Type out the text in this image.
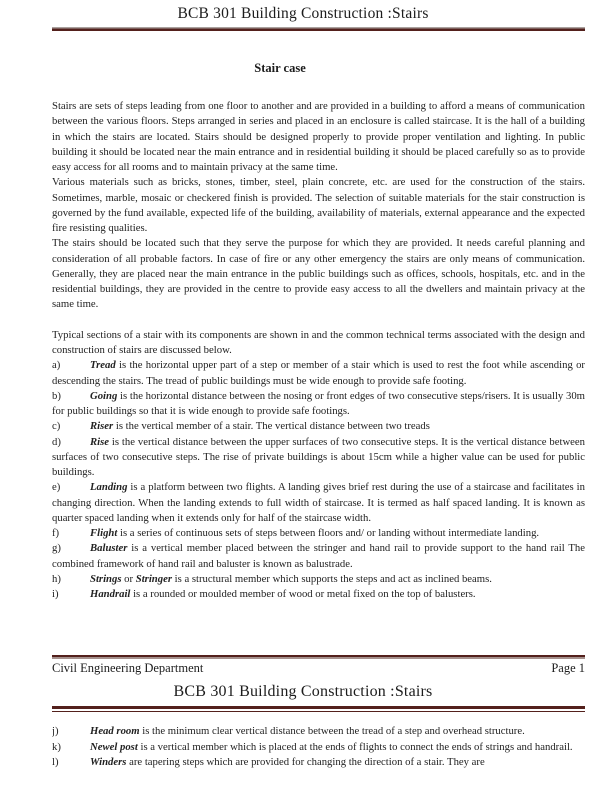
BCB 301 Building Construction :Stairs
Stair case

Stairs are sets of steps leading from one floor to another and are provided in a building to afford a means of communication between the various floors. Steps arranged in series and placed in an enclosure is called staircase. It is the hall of a building in which the stairs are located. Stairs should be designed properly to provide proper ventilation and lighting. In public building it should be located near the main entrance and in residential building it should be placed carefully so as to provide easy access for all rooms and to maintain privacy at the same time.

Various materials such as bricks, stones, timber, steel, plain concrete, etc. are used for the construction of the stairs. Sometimes, marble, mosaic or checkered finish is provided. The selection of suitable materials for the stair construction is governed by the fund available, expected life of the building, availability of materials, external appearance and the expected fire resisting qualities.

The stairs should be located such that they serve the purpose for which they are provided. It needs careful planning and consideration of all probable factors. In case of fire or any other emergency the stairs are only means of communication. Generally, they are placed near the main entrance in the public buildings such as offices, schools, hospitals, etc. and in the residential buildings, they are provided in the centre to provide easy access to all the dwellers and maintain privacy at the same time.

Typical sections of a stair with its components are shown in and the common technical terms associated with the design and construction of stairs are discussed below.

a)	Tread is the horizontal upper part of a step or member of a stair which is used to rest the foot while ascending or descending the stairs. The tread of public buildings must be wide enough to provide safe footing.

b)	Going is the horizontal distance between the nosing or front edges of two consecutive steps/risers. It is usually 30m for public buildings so that it is wide enough to provide safe footings.

c)	Riser is the vertical member of a stair. The vertical distance between two treads

d)	Rise is the vertical distance between the upper surfaces of two consecutive steps. It is the vertical distance between surfaces of two consecutive steps. The rise of private buildings is about 15cm while a higher value can be used for public buildings.

e)	Landing is a platform between two flights. A landing gives brief rest during the use of a staircase and facilitates in changing direction. When the landing extends to full width of staircase. It is termed as half spaced landing. It is known as quarter spaced landing when it extends only for half of the staircase width.

f)	Flight is a series of continuous sets of steps between floors and/ or landing without intermediate landing.

g)	Baluster is a vertical member placed between the stringer and hand rail to provide support to the hand rail The combined framework of hand rail and baluster is known as balustrade.

h)	Strings or Stringer is a structural member which supports the steps and act as inclined beams.

i)	Handrail is a rounded or moulded member of wood or metal fixed on the top of balusters.

Civil Engineering Department	Page 1
BCB 301 Building Construction :Stairs

j)	Head room is the minimum clear vertical distance between the tread of a step and overhead structure.

k)	Newel post is a vertical member which is placed at the ends of flights to connect the ends of strings and handrail.

l)	Winders are tapering steps which are provided for changing the direction of a stair. They are
